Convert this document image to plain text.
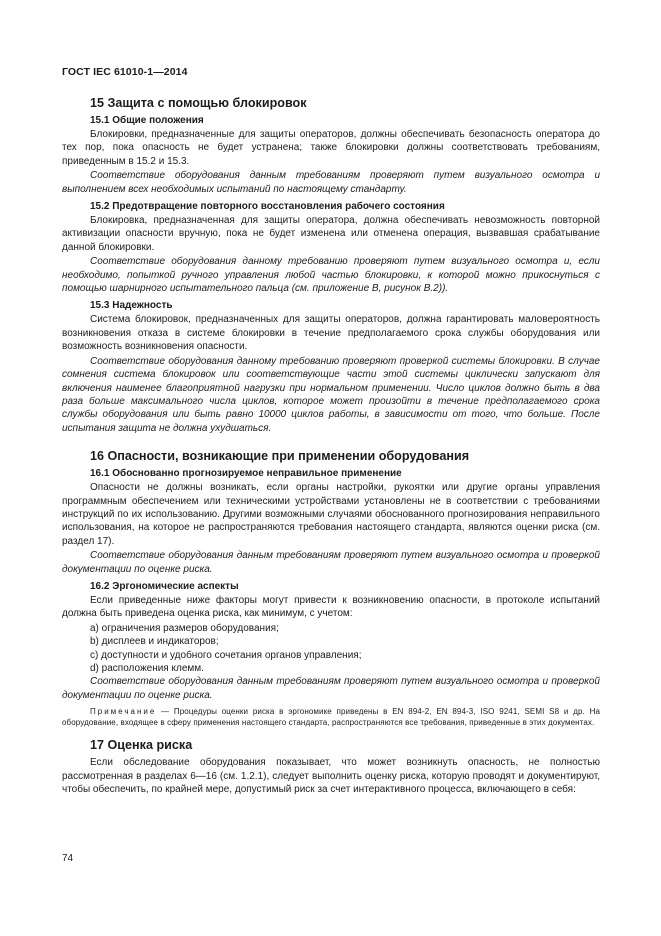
ГОСТ IEC 61010-1—2014
15 Защита с помощью блокировок
15.1 Общие положения

Блокировки, предназначенные для защиты операторов, должны обеспечивать безопасность оператора до тех пор, пока опасность не будет устранена; также блокировки должны соответствовать требованиям, приведенным в 15.2 и 15.3.

Соответствие оборудования данным требованиям проверяют путем визуального осмотра и выполнением всех необходимых испытаний по настоящему стандарту.

15.2 Предотвращение повторного восстановления рабочего состояния

Блокировка, предназначенная для защиты оператора, должна обеспечивать невозможность повторной активизации опасности вручную, пока не будет изменена или отменена операция, вызвавшая срабатывание данной блокировки.

Соответствие оборудования данному требованию проверяют путем визуального осмотра и, если необходимо, попыткой ручного управления любой частью блокировки, к которой можно прикоснуться с помощью шарнирного испытательного пальца (см. приложение В, рисунок В.2)).

15.3 Надежность

Система блокировок, предназначенных для защиты операторов, должна гарантировать маловероятность возникновения отказа в системе блокировки в течение предполагаемого срока службы оборудования или возможность возникновения опасности.

Соответствие оборудования данному требованию проверяют проверкой системы блокировки. В случае сомнения система блокировок или соответствующие части этой системы циклически запускают для включения наименее благоприятной нагрузки при нормальном применении. Число циклов должно быть в два раза больше максимального числа циклов, которое может произойти в течение предполагаемого срока службы оборудования или быть равно 10000 циклов работы, в зависимости от того, что больше. После испытания защита не должна ухудшаться.

16 Опасности, возникающие при применении оборудования
16.1 Обоснованно прогнозируемое неправильное применение

Опасности не должны возникать, если органы настройки, рукоятки или другие органы управления программным обеспечением или техническими устройствами установлены не в соответствии с требованиями инструкций по их использованию. Другими возможными случаями обоснованного прогнозирования неправильного использования, на которое не распространяются требования настоящего стандарта, являются оценки риска (см. раздел 17).

Соответствие оборудования данным требованиям проверяют путем визуального осмотра и проверкой документации по оценке риска.

16.2 Эргономические аспекты

Если приведенные ниже факторы могут привести к возникновению опасности, в протоколе испытаний должна быть приведена оценка риска, как минимум, с учетом:

a) ограничения размеров оборудования;
b) дисплеев и индикаторов;
c) доступности и удобного сочетания органов управления;
d) расположения клемм.

Соответствие оборудования данным требованиям проверяют путем визуального осмотра и проверкой документации по оценке риска.

Примечание — Процедуры оценки риска в эргономике приведены в EN 894-2, EN 894-3, ISO 9241, SEMI S8 и др. На оборудование, входящее в сферу применения настоящего стандарта, распространяются все требования, приведенные в этих документах.

17 Оценка риска

Если обследование оборудования показывает, что может возникнуть опасность, не полностью рассмотренная в разделах 6—16 (см. 1.2.1), следует выполнить оценку риска, которую проводят и документируют, чтобы обеспечить, по крайней мере, допустимый риск за счет интерактивного процесса, включающего в себя:

74
